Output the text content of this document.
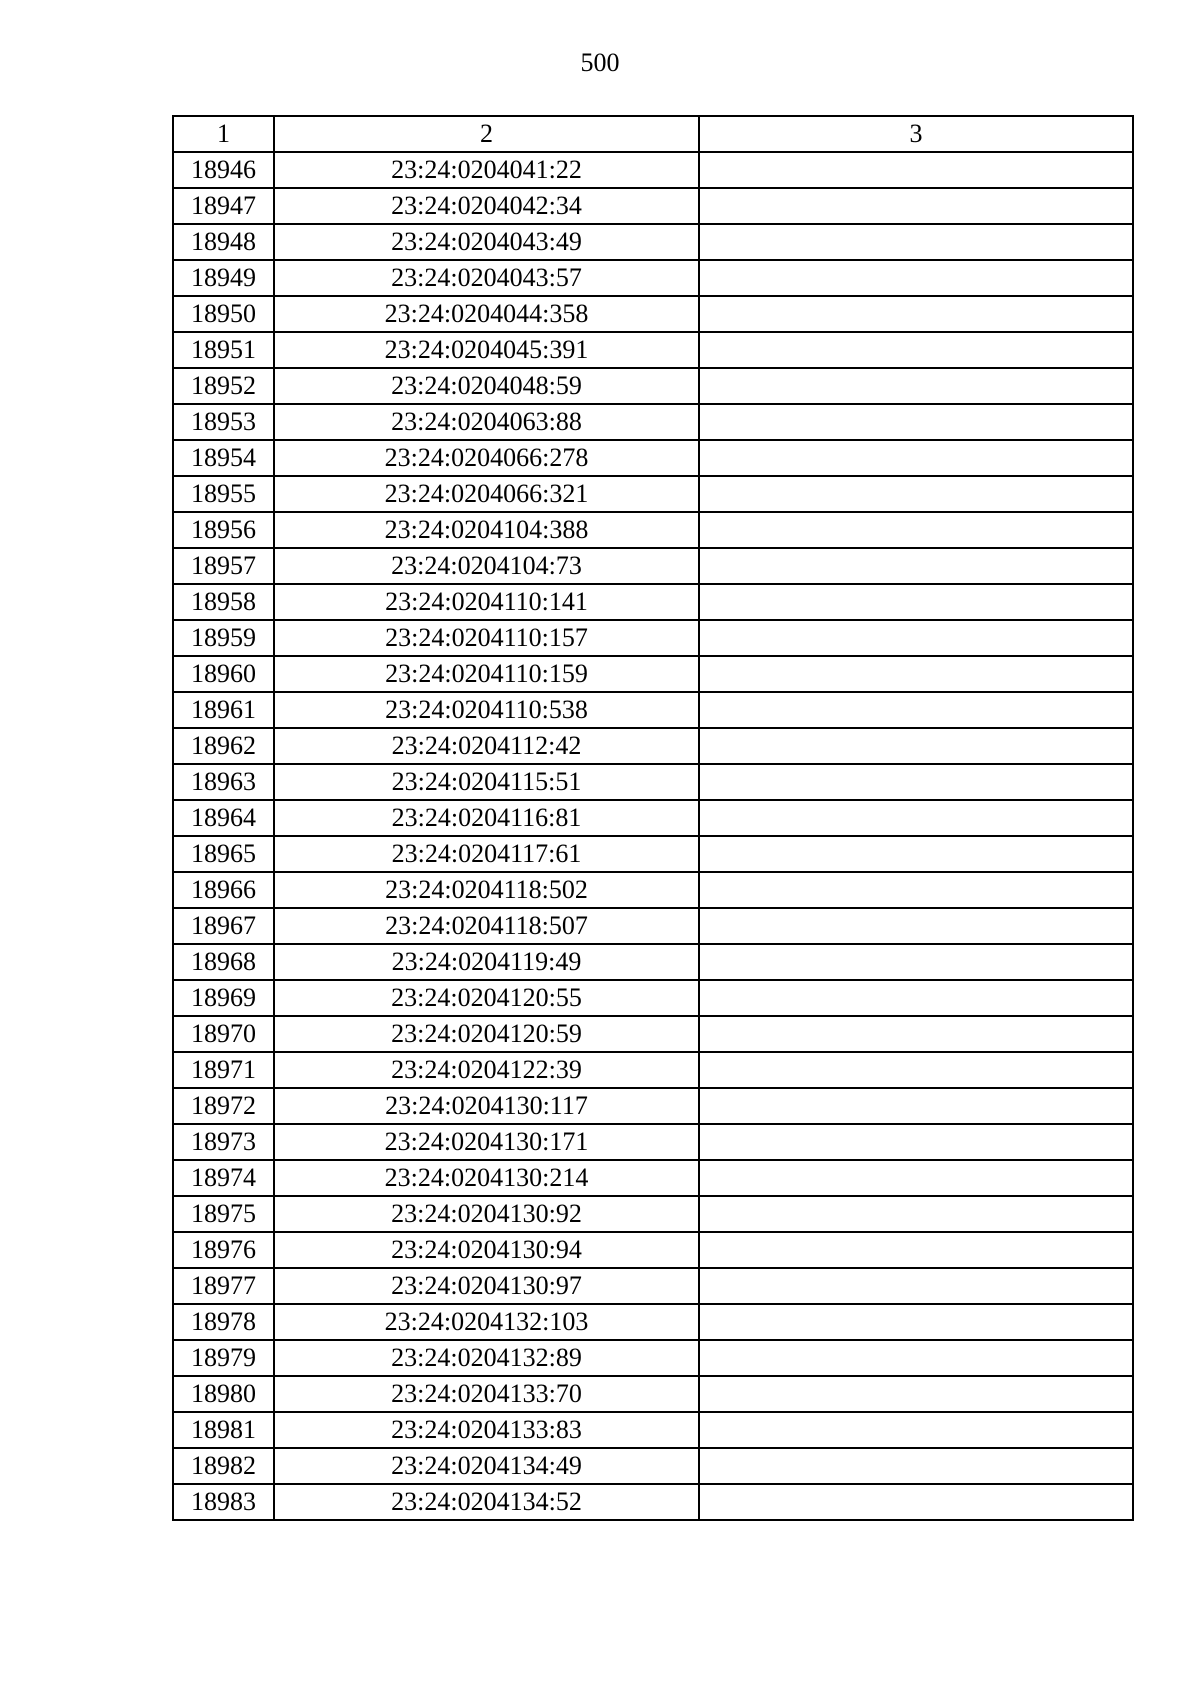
500
1	2	3
18946	23:24:0204041:22	
18947	23:24:0204042:34	
18948	23:24:0204043:49	
18949	23:24:0204043:57	
18950	23:24:0204044:358	
18951	23:24:0204045:391	
18952	23:24:0204048:59	
18953	23:24:0204063:88	
18954	23:24:0204066:278	
18955	23:24:0204066:321	
18956	23:24:0204104:388	
18957	23:24:0204104:73	
18958	23:24:0204110:141	
18959	23:24:0204110:157	
18960	23:24:0204110:159	
18961	23:24:0204110:538	
18962	23:24:0204112:42	
18963	23:24:0204115:51	
18964	23:24:0204116:81	
18965	23:24:0204117:61	
18966	23:24:0204118:502	
18967	23:24:0204118:507	
18968	23:24:0204119:49	
18969	23:24:0204120:55	
18970	23:24:0204120:59	
18971	23:24:0204122:39	
18972	23:24:0204130:117	
18973	23:24:0204130:171	
18974	23:24:0204130:214	
18975	23:24:0204130:92	
18976	23:24:0204130:94	
18977	23:24:0204130:97	
18978	23:24:0204132:103	
18979	23:24:0204132:89	
18980	23:24:0204133:70	
18981	23:24:0204133:83	
18982	23:24:0204134:49	
18983	23:24:0204134:52	
